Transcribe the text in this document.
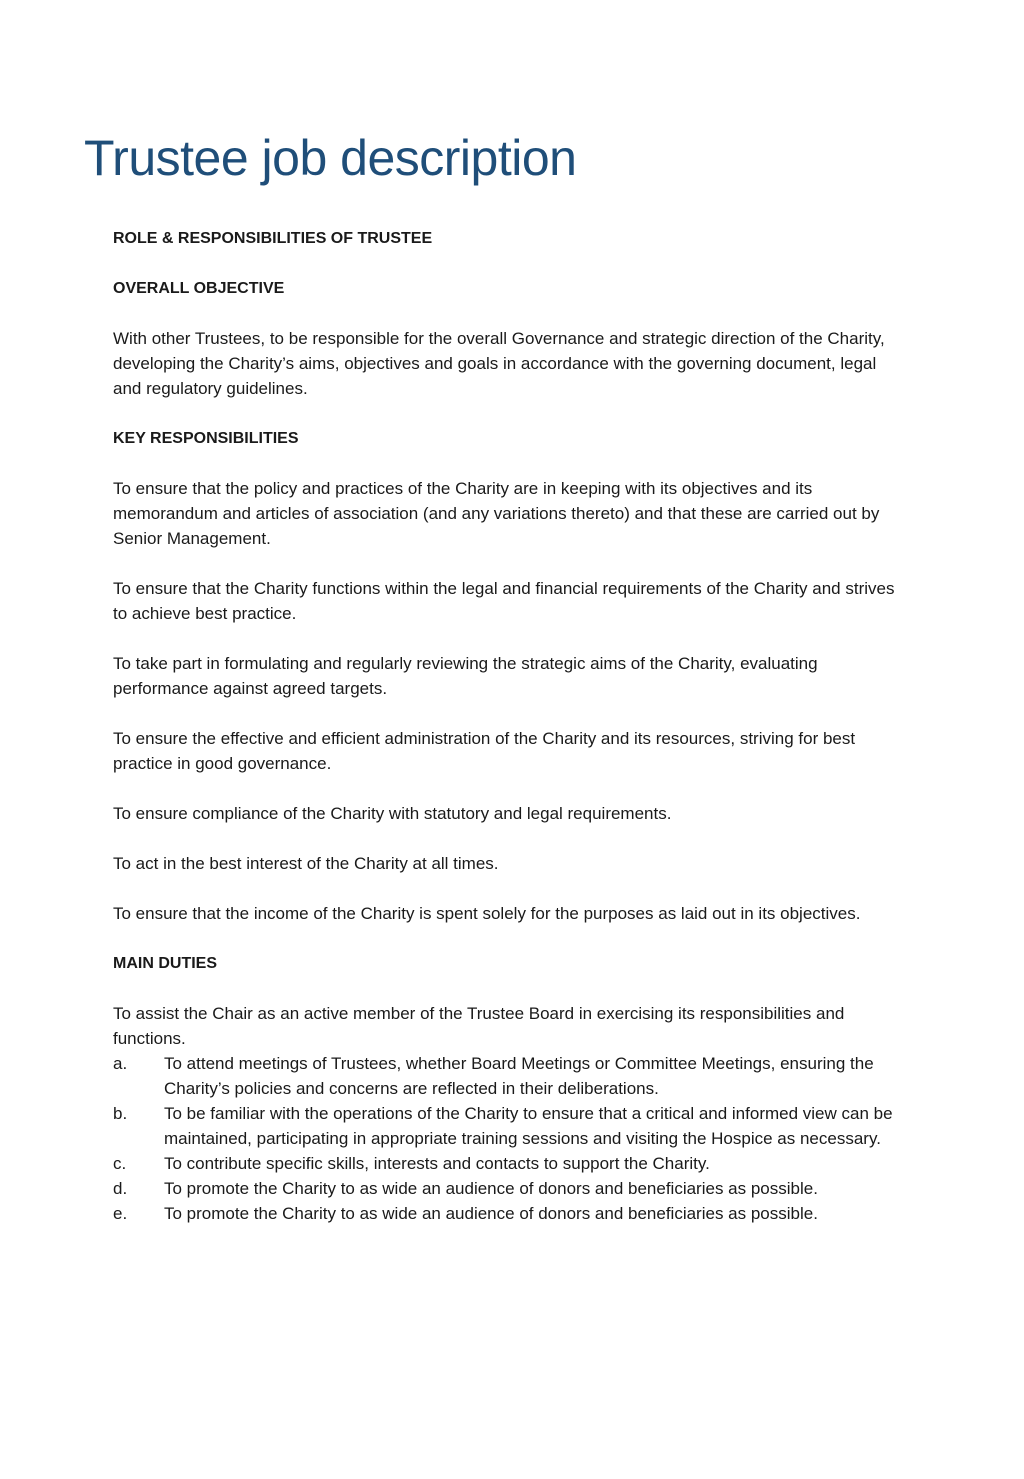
Trustee job description
ROLE & RESPONSIBILITIES OF TRUSTEE
OVERALL OBJECTIVE

With other Trustees, to be responsible for the overall Governance and strategic direction of the Charity, developing the Charity’s aims, objectives and goals in accordance with the governing document, legal and regulatory guidelines.

KEY RESPONSIBILITIES

To ensure that the policy and practices of the Charity are in keeping with its objectives and its memorandum and articles of association (and any variations thereto) and that these are carried out by Senior Management.

To ensure that the Charity functions within the legal and financial requirements of the Charity and strives to achieve best practice.

To take part in formulating and regularly reviewing the strategic aims of the Charity, evaluating performance against agreed targets.

To ensure the effective and efficient administration of the Charity and its resources, striving for best practice in good governance.

To ensure compliance of the Charity with statutory and legal requirements.

To act in the best interest of the Charity at all times.

To ensure that the income of the Charity is spent solely for the purposes as laid out in its objectives.

MAIN DUTIES

To assist the Chair as an active member of the Trustee Board in exercising its responsibilities and functions.

a.	To attend meetings of Trustees, whether Board Meetings or Committee Meetings, ensuring the Charity’s policies and concerns are reflected in their deliberations.
b.	To be familiar with the operations of the Charity to ensure that a critical and informed view can be maintained, participating in appropriate training sessions and visiting the Hospice as necessary.
c.	To contribute specific skills, interests and contacts to support the Charity.
d.	To promote the Charity to as wide an audience of donors and beneficiaries as possible.
e.	To promote the Charity to as wide an audience of donors and beneficiaries as possible.
